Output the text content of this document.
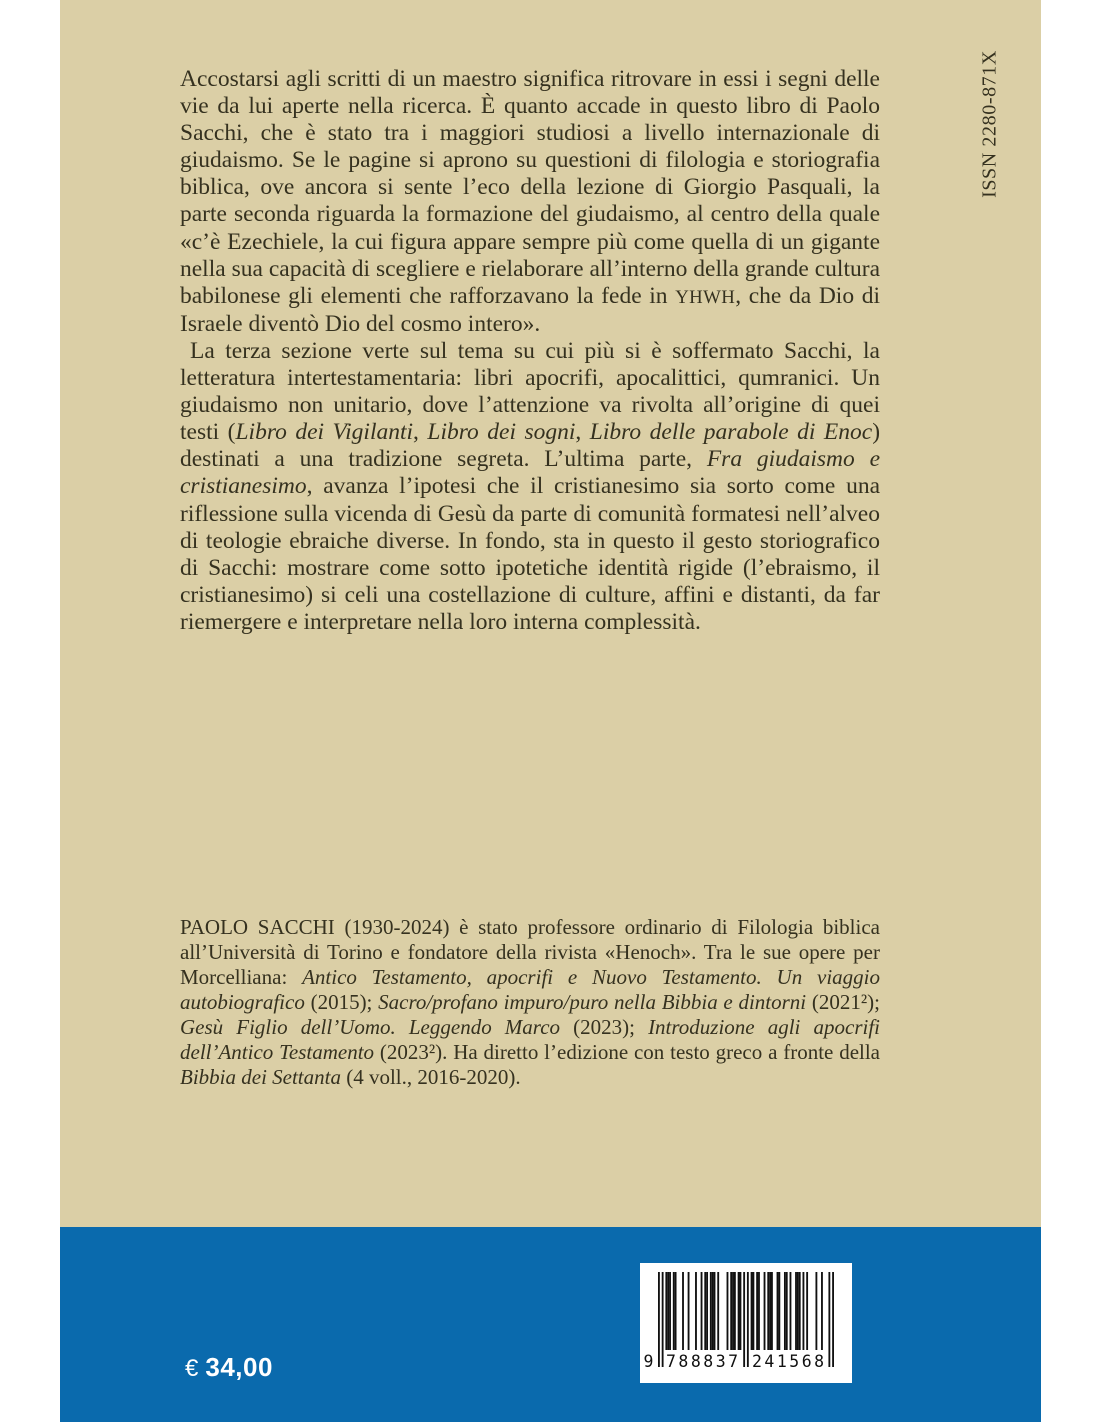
ISSN 2280-871X

Accostarsi agli scritti di un maestro significa ritrovare in essi i segni delle vie da lui aperte nella ricerca. È quanto accade in questo libro di Paolo Sacchi, che è stato tra i maggiori studiosi a livello internazionale di giudaismo. Se le pagine si aprono su questioni di filologia e storiografia biblica, ove ancora si sente l’eco della lezione di Giorgio Pasquali, la parte seconda riguarda la formazione del giudaismo, al centro della quale «c’è Ezechiele, la cui figura appare sempre più come quella di un gigante nella sua capacità di scegliere e rielaborare all’interno della grande cultura babilonese gli elementi che rafforzavano la fede in YHWH, che da Dio di Israele diventò Dio del cosmo intero».

La terza sezione verte sul tema su cui più si è soffermato Sacchi, la letteratura intertestamentaria: libri apocrifi, apocalittici, qumranici. Un giudaismo non unitario, dove l’attenzione va rivolta all’origine di quei testi (Libro dei Vigilanti, Libro dei sogni, Libro delle parabole di Enoc) destinati a una tradizione segreta. L’ultima parte, Fra giudaismo e cristianesimo, avanza l’ipotesi che il cristianesimo sia sorto come una riflessione sulla vicenda di Gesù da parte di comunità formatesi nell’alveo di teologie ebraiche diverse. In fondo, sta in questo il gesto storiografico di Sacchi: mostrare come sotto ipotetiche identità rigide (l’ebraismo, il cristianesimo) si celi una costellazione di culture, affini e distanti, da far riemergere e interpretare nella loro interna complessità.

PAOLO SACCHI (1930-2024) è stato professore ordinario di Filologia biblica all’Università di Torino e fondatore della rivista «Henoch». Tra le sue opere per Morcelliana: Antico Testamento, apocrifi e Nuovo Testamento. Un viaggio autobiografico (2015); Sacro/profano impuro/puro nella Bibbia e dintorni (2021²); Gesù Figlio dell’Uomo. Leggendo Marco (2023); Introduzione agli apocrifi dell’Antico Testamento (2023²). Ha diretto l’edizione con testo greco a fronte della Bibbia dei Settanta (4 voll., 2016-2020).

€ 34,00	9 788837 241568
